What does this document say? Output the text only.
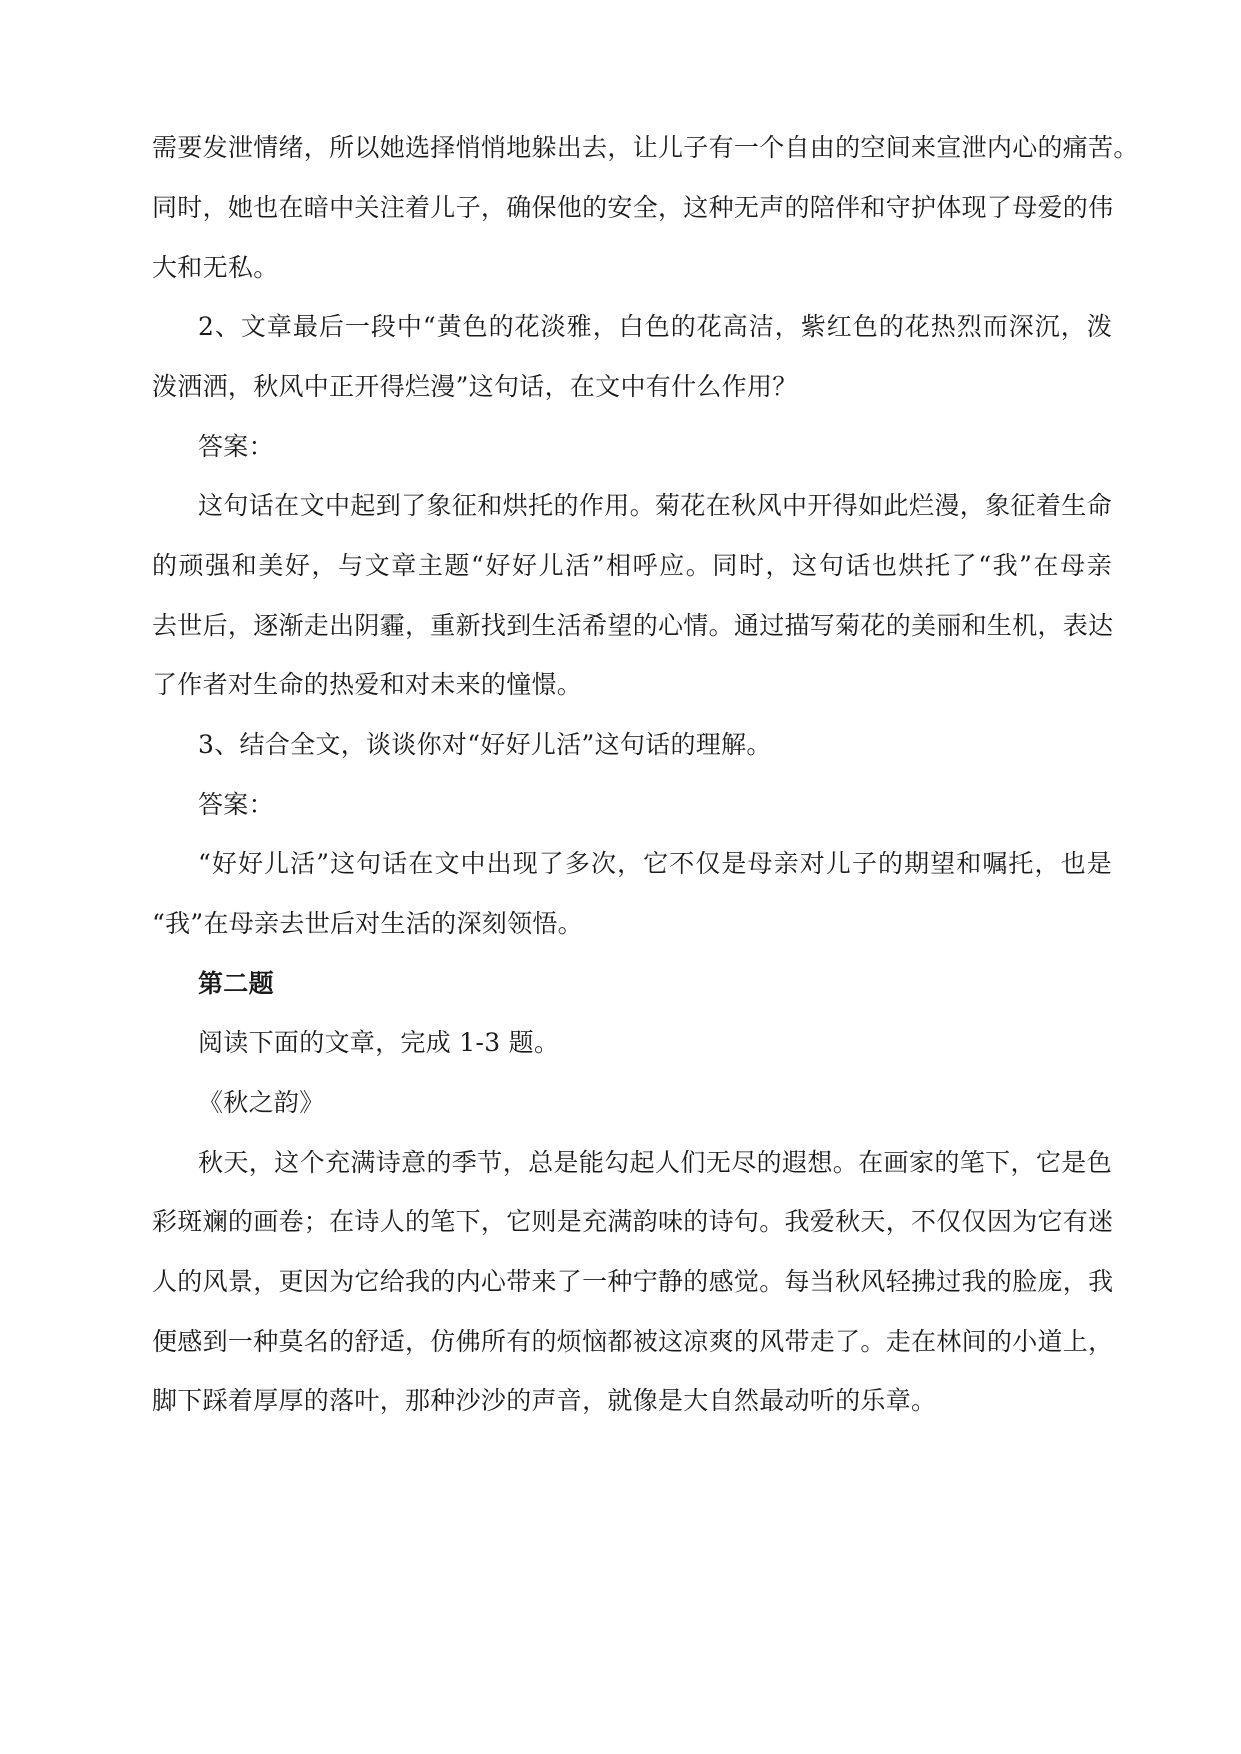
需要发泄情绪，所以她选择悄悄地躲出去，让儿子有一个自由的空间来宣泄内心的痛苦。
同时，她也在暗中关注着儿子，确保他的安全，这种无声的陪伴和守护体现了母爱的伟
大和无私。
2、文章最后一段中“黄色的花淡雅，白色的花高洁，紫红色的花热烈而深沉，泼
泼洒洒，秋风中正开得烂漫”这句话，在文中有什么作用？
答案：
这句话在文中起到了象征和烘托的作用。菊花在秋风中开得如此烂漫，象征着生命
的顽强和美好，与文章主题“好好儿活”相呼应。同时，这句话也烘托了“我”在母亲
去世后，逐渐走出阴霾，重新找到生活希望的心情。通过描写菊花的美丽和生机，表达
了作者对生命的热爱和对未来的憧憬。
3、结合全文，谈谈你对“好好儿活”这句话的理解。
答案：
“好好儿活”这句话在文中出现了多次，它不仅是母亲对儿子的期望和嘱托，也是
“我”在母亲去世后对生活的深刻领悟。
第二题
阅读下面的文章，完成 1-3 题。
《秋之韵》
秋天，这个充满诗意的季节，总是能勾起人们无尽的遐想。在画家的笔下，它是色
彩斑斓的画卷；在诗人的笔下，它则是充满韵味的诗句。我爱秋天，不仅仅因为它有迷
人的风景，更因为它给我的内心带来了一种宁静的感觉。每当秋风轻拂过我的脸庞，我
便感到一种莫名的舒适，仿佛所有的烦恼都被这凉爽的风带走了。走在林间的小道上，
脚下踩着厚厚的落叶，那种沙沙的声音，就像是大自然最动听的乐章。
